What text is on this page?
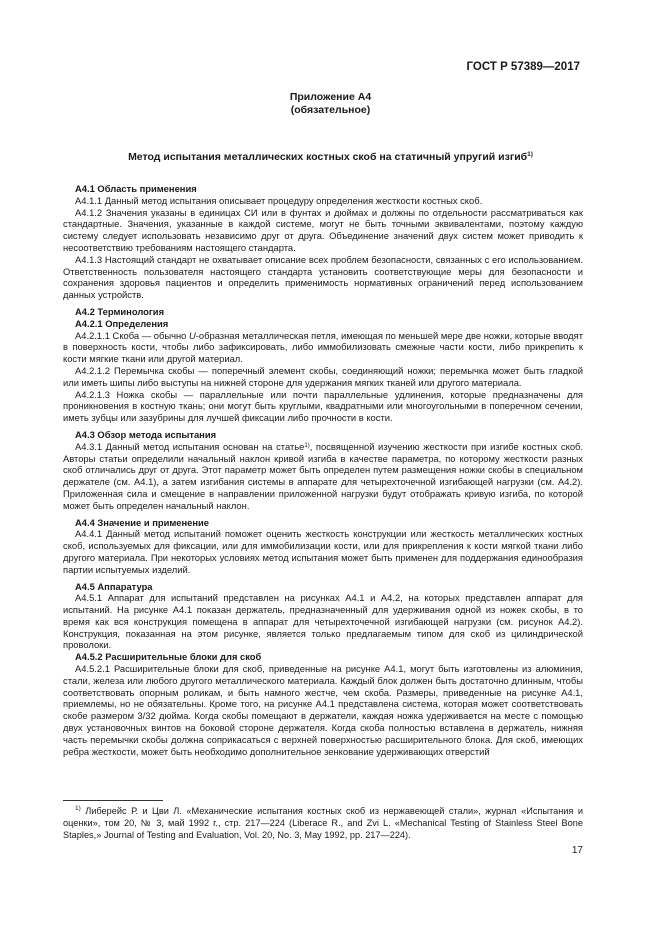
ГОСТ Р 57389—2017
Приложение А4
(обязательное)
Метод испытания металлических костных скоб на статичный упругий изгиб$^{1)}$

А4.1 Область применения

А4.1.1 Данный метод испытания описывает процедуру определения жесткости костных скоб.

А4.1.2 Значения указаны в единицах СИ или в фунтах и дюймах и должны по отдельности рассматриваться как стандартные. Значения, указанные в каждой системе, могут не быть точными эквивалентами, поэтому каждую систему следует использовать независимо друг от друга. Объединение значений двух систем может приводить к несоответствию требованиям настоящего стандарта.

А4.1.3 Настоящий стандарт не охватывает описание всех проблем безопасности, связанных с его использованием. Ответственность пользователя настоящего стандарта установить соответствующие меры для безопасности и сохранения здоровья пациентов и определить применимость нормативных ограничений перед использованием данных устройств.

А4.2 Терминология

А4.2.1 Определения

А4.2.1.1 Скоба — обычно U-образная металлическая петля, имеющая по меньшей мере две ножки, которые вводят в поверхность кости, чтобы либо зафиксировать, либо иммобилизовать смежные части кости, либо прикрепить к кости мягкие ткани или другой материал.

А4.2.1.2 Перемычка скобы — поперечный элемент скобы, соединяющий ножки; перемычка может быть гладкой или иметь шипы либо выступы на нижней стороне для удержания мягких тканей или другого материала.

А4.2.1.3 Ножка скобы — параллельные или почти параллельные удлинения, которые предназначены для проникновения в костную ткань; они могут быть круглыми, квадратными или многоугольными в поперечном сечении, иметь зубцы или зазубрины для лучшей фиксации либо прочности в кости.

А4.3 Обзор метода испытания

А4.3.1 Данный метод испытания основан на статье$^{1)}$, посвященной изучению жесткости при изгибе костных скоб. Авторы статьи определили начальный наклон кривой изгиба в качестве параметра, по которому жесткости разных скоб отличались друг от друга. Этот параметр может быть определен путем размещения ножки скобы в специальном держателе (см. А4.1), а затем изгибания системы в аппарате для четырехточечной изгибающей нагрузки (см. А4.2). Приложенная сила и смещение в направлении приложенной нагрузки будут отображать кривую изгиба, по которой может быть определен начальный наклон.

А4.4 Значение и применение

А4.4.1 Данный метод испытаний поможет оценить жесткость конструкции или жесткость металлических костных скоб, используемых для фиксации, или для иммобилизации кости, или для прикрепления к кости мягкой ткани либо другого материала. При некоторых условиях метод испытания может быть применен для поддержания единообразия партии испытуемых изделий.

А4.5 Аппаратура

А4.5.1 Аппарат для испытаний представлен на рисунках А4.1 и А4.2, на которых представлен аппарат для испытаний. На рисунке А4.1 показан держатель, предназначенный для удерживания одной из ножек скобы, в то время как вся конструкция помещена в аппарат для четырехточечной изгибающей нагрузки (см. рисунок А4.2). Конструкция, показанная на этом рисунке, является только предлагаемым типом для скоб из цилиндрической проволоки.

А4.5.2 Расширительные блоки для скоб

А4.5.2.1 Расширительные блоки для скоб, приведенные на рисунке А4.1, могут быть изготовлены из алюминия, стали, железа или любого другого металлического материала. Каждый блок должен быть достаточно длинным, чтобы соответствовать опорным роликам, и быть намного жестче, чем скоба. Размеры, приведенные на рисунке А4.1, приемлемы, но не обязательны. Кроме того, на рисунке А4.1 представлена система, которая может соответствовать скобе размером 3/32 дюйма. Когда скобы помещают в держатели, каждая ножка удерживается на месте с помощью двух установочных винтов на боковой стороне держателя. Когда скоба полностью вставлена в держатель, нижняя часть перемычки скобы должна соприкасаться с верхней поверхностью расширительного блока. Для скоб, имеющих ребра жесткости, может быть необходимо дополнительное зенкование удерживающих отверстий

$^{1)}$ Либерейс Р. и Цви Л. «Механические испытания костных скоб из нержавеющей стали», журнал «Испытания и оценки», том 20, № 3, май 1992 г., стр. 217—224 (Liberace R., and Zvi L. «Mechanical Testing of Stainless Steel Bone Staples,» Journal of Testing and Evaluation, Vol. 20, No. 3, May 1992, pp. 217—224).
17
